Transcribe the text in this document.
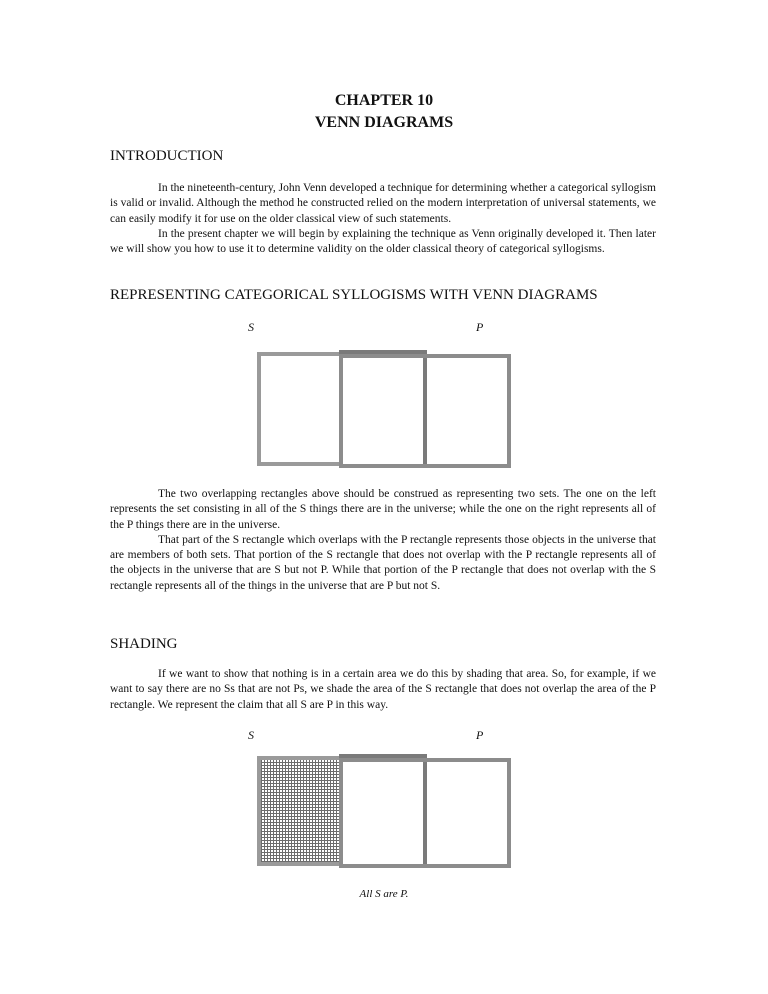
CHAPTER 10
VENN DIAGRAMS
INTRODUCTION

In the nineteenth-century, John Venn developed a technique for determining whether a categorical syllogism is valid or invalid. Although the method he constructed relied on the modern interpretation of universal statements, we can easily modify it for use on the older classical view of such statements.

In the present chapter we will begin by explaining the technique as Venn originally developed it. Then later we will show you how to use it to determine validity on the older classical theory of categorical syllogisms.

REPRESENTING CATEGORICAL SYLLOGISMS WITH VENN DIAGRAMS
S	P

The two overlapping rectangles above should be construed as representing two sets. The one on the left represents the set consisting in all of the S things there are in the universe; while the one on the right represents all of the P things there are in the universe.

That part of the S rectangle which overlaps with the P rectangle represents those objects in the universe that are members of both sets. That portion of the S rectangle that does not overlap with the P rectangle represents all of the objects in the universe that are S but not P. While that portion of the P rectangle that does not overlap with the S rectangle represents all of the things in the universe that are P but not S.

SHADING

If we want to show that nothing is in a certain area we do this by shading that area. So, for example, if we want to say there are no Ss that are not Ps, we shade the area of the S rectangle that does not overlap the area of the P rectangle. We represent the claim that all S are P in this way.

S	P
All S are P.
